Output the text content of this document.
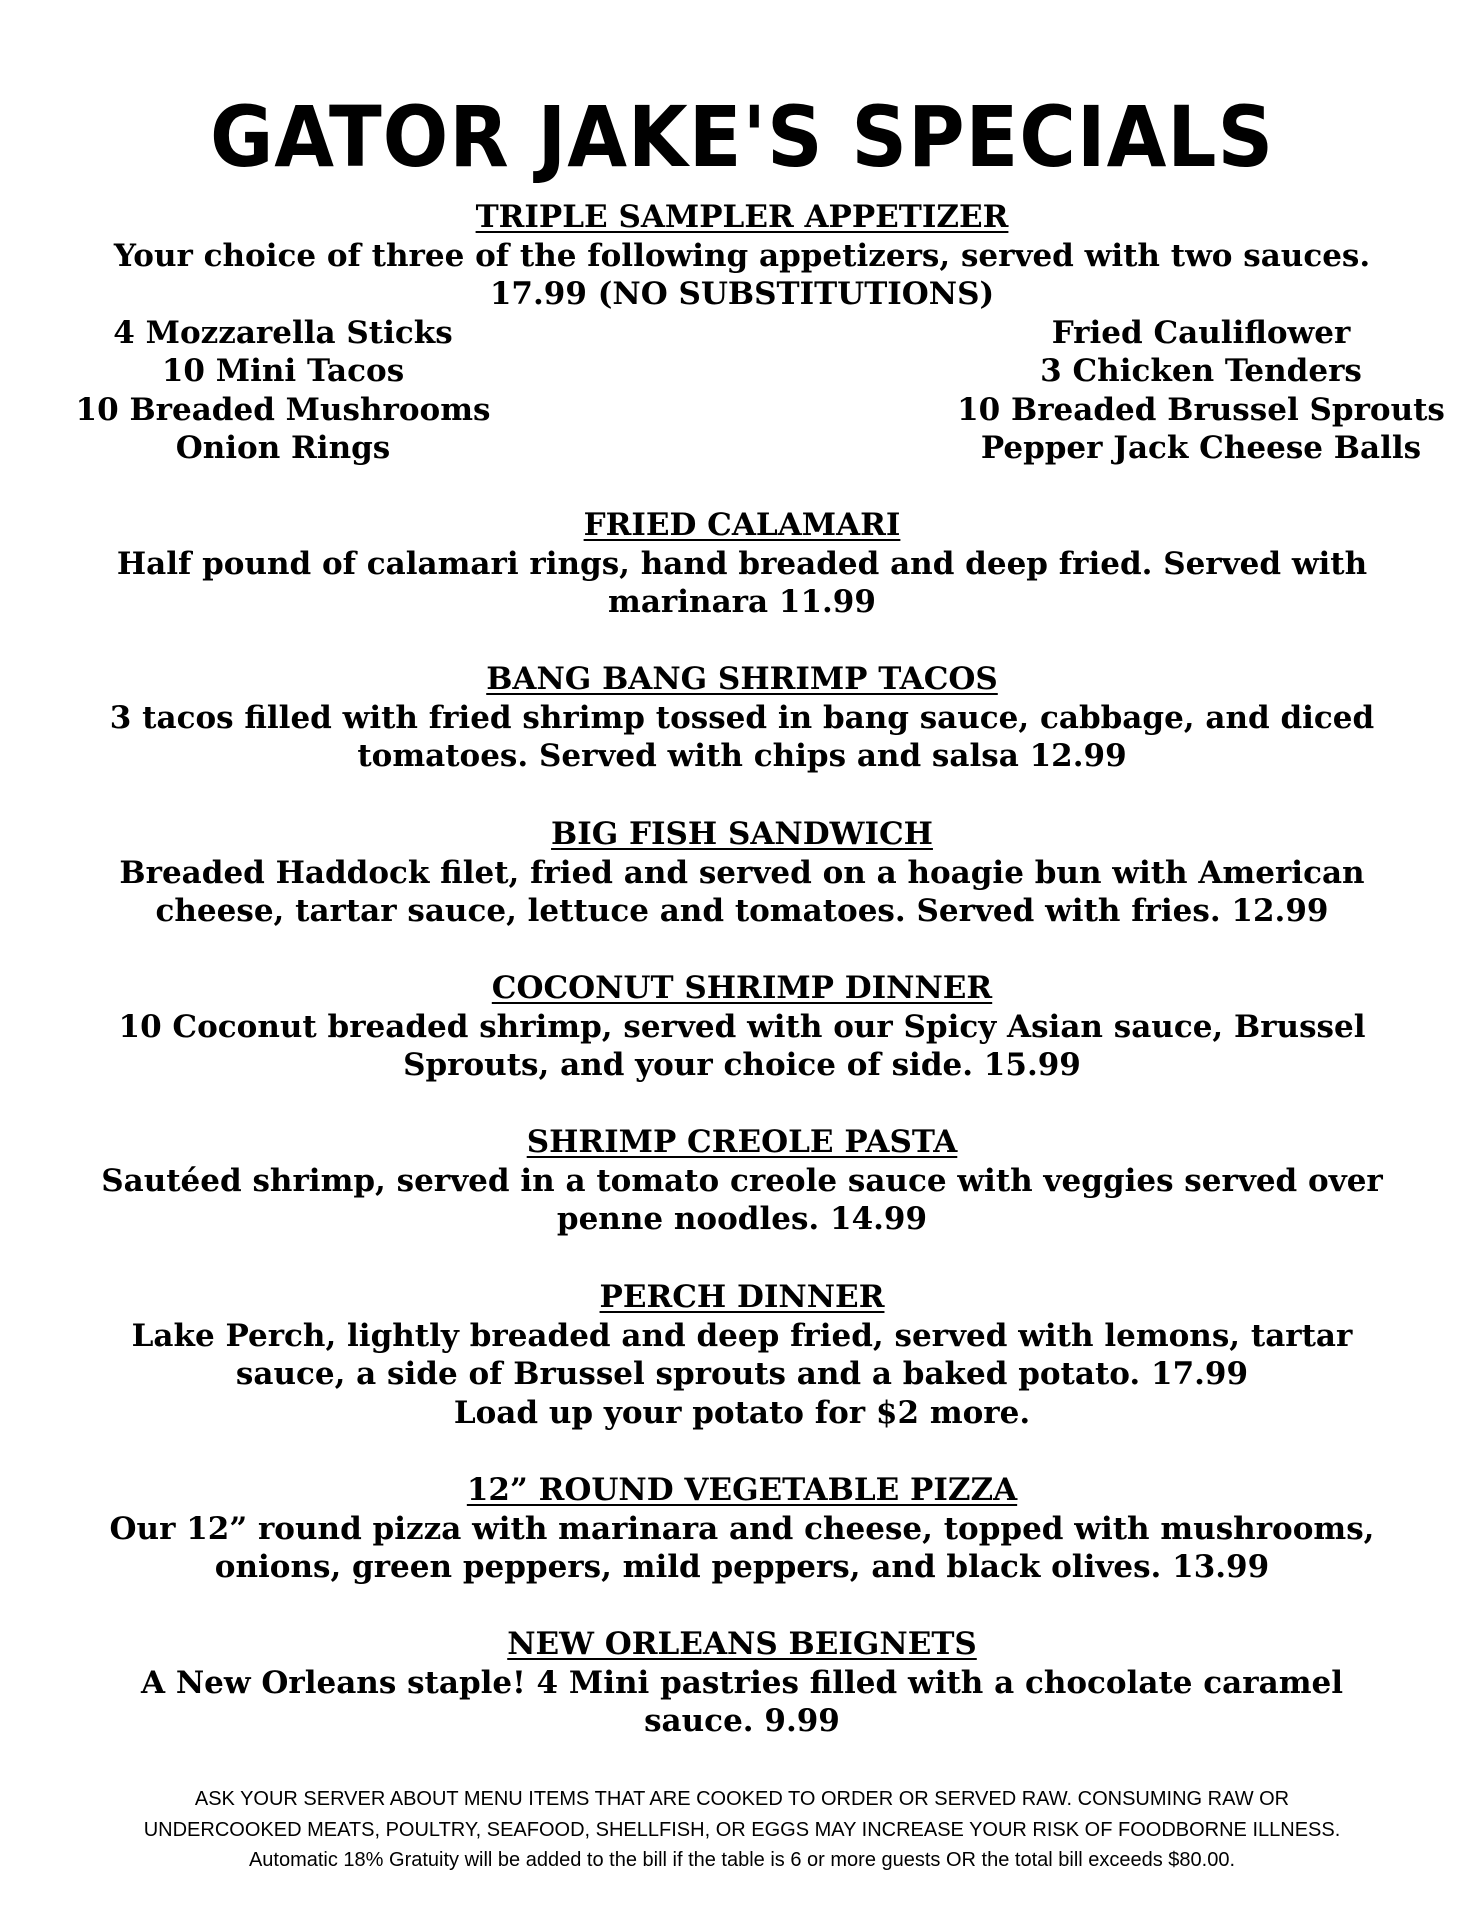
GATOR JAKE'S SPECIALS

TRIPLE SAMPLER APPETIZER

Your choice of three of the following appetizers, served with two sauces.

17.99 (NO SUBSTITUTIONS)

4 Mozzarella Sticks
10 Mini Tacos
10 Breaded Mushrooms
Onion Rings
Fried Cauliflower
3 Chicken Tenders
10 Breaded Brussel Sprouts
Pepper Jack Cheese Balls

FRIED CALAMARI

Half pound of calamari rings, hand breaded and deep fried. Served with

marinara 11.99

BANG BANG SHRIMP TACOS

3 tacos filled with fried shrimp tossed in bang sauce, cabbage, and diced

tomatoes. Served with chips and salsa 12.99

BIG FISH SANDWICH

Breaded Haddock filet, fried and served on a hoagie bun with American

cheese, tartar sauce, lettuce and tomatoes. Served with fries. 12.99

COCONUT SHRIMP DINNER

10 Coconut breaded shrimp, served with our Spicy Asian sauce, Brussel

Sprouts, and your choice of side. 15.99

SHRIMP CREOLE PASTA

Sautéed shrimp, served in a tomato creole sauce with veggies served over

penne noodles. 14.99

PERCH DINNER

Lake Perch, lightly breaded and deep fried, served with lemons, tartar

sauce, a side of Brussel sprouts and a baked potato. 17.99

Load up your potato for $2 more.

12” ROUND VEGETABLE PIZZA

Our 12” round pizza with marinara and cheese, topped with mushrooms,

onions, green peppers, mild peppers, and black olives. 13.99

NEW ORLEANS BEIGNETS

A New Orleans staple! 4 Mini pastries filled with a chocolate caramel

sauce. 9.99

ASK YOUR SERVER ABOUT MENU ITEMS THAT ARE COOKED TO ORDER OR SERVED RAW. CONSUMING RAW OR

UNDERCOOKED MEATS, POULTRY, SEAFOOD, SHELLFISH, OR EGGS MAY INCREASE YOUR RISK OF FOODBORNE ILLNESS.

Automatic 18% Gratuity will be added to the bill if the table is 6 or more guests OR the total bill exceeds $80.00.
